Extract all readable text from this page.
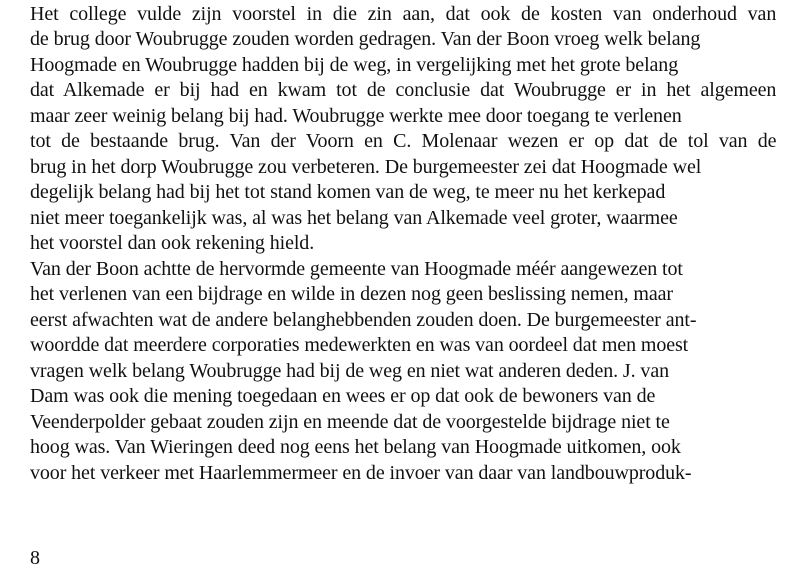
Het college vulde zijn voorstel in die zin aan, dat ook de kosten van onderhoud van
de brug door Woubrugge zouden worden gedragen. Van der Boon vroeg welk belang
Hoogmade en Woubrugge hadden bij de weg, in vergelijking met het grote belang
dat Alkemade er bij had en kwam tot de conclusie dat Woubrugge er in het algemeen
maar zeer weinig belang bij had. Woubrugge werkte mee door toegang te verlenen
tot de bestaande brug. Van der Voorn en C. Molenaar wezen er op dat de tol van de
brug in het dorp Woubrugge zou verbeteren. De burgemeester zei dat Hoogmade wel
degelijk belang had bij het tot stand komen van de weg, te meer nu het kerkepad
niet meer toegankelijk was, al was het belang van Alkemade veel groter, waarmee
het voorstel dan ook rekening hield.
Van der Boon achtte de hervormde gemeente van Hoogmade méér aangewezen tot
het verlenen van een bijdrage en wilde in dezen nog geen beslissing nemen, maar
eerst afwachten wat de andere belanghebbenden zouden doen. De burgemeester ant-
woordde dat meerdere corporaties medewerkten en was van oordeel dat men moest
vragen welk belang Woubrugge had bij de weg en niet wat anderen deden. J. van
Dam was ook die mening toegedaan en wees er op dat ook de bewoners van de
Veenderpolder gebaat zouden zijn en meende dat de voorgestelde bijdrage niet te
hoog was. Van Wieringen deed nog eens het belang van Hoogmade uitkomen, ook
voor het verkeer met Haarlemmermeer en de invoer van daar van landbouwproduk-
8
